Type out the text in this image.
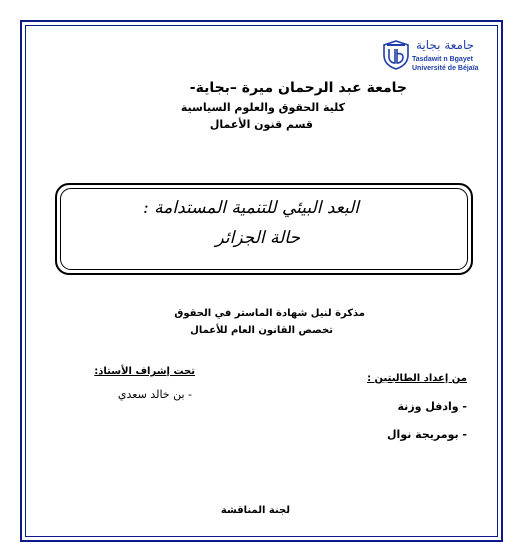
جامعة بجاية
Tasdawit n Bgayet
Université de Béjaïa
جامعة عبد الرحمان ميرة –بجاية-
كلية الحقوق والعلوم السياسية
قسم قنون الأعمال
البعد البيئي للتنمية المستدامة :
حالة الجزائر
مذكرة لنيل شهادة الماستر في الحقوق
تخصص القانون العام للأعمال
من إعداد الطالبتين :
- وادفل وزنة
- بومريجة نوال
تحت إشراف الأستاذ:
- بن خالد سعدي
لجنة المناقشة
